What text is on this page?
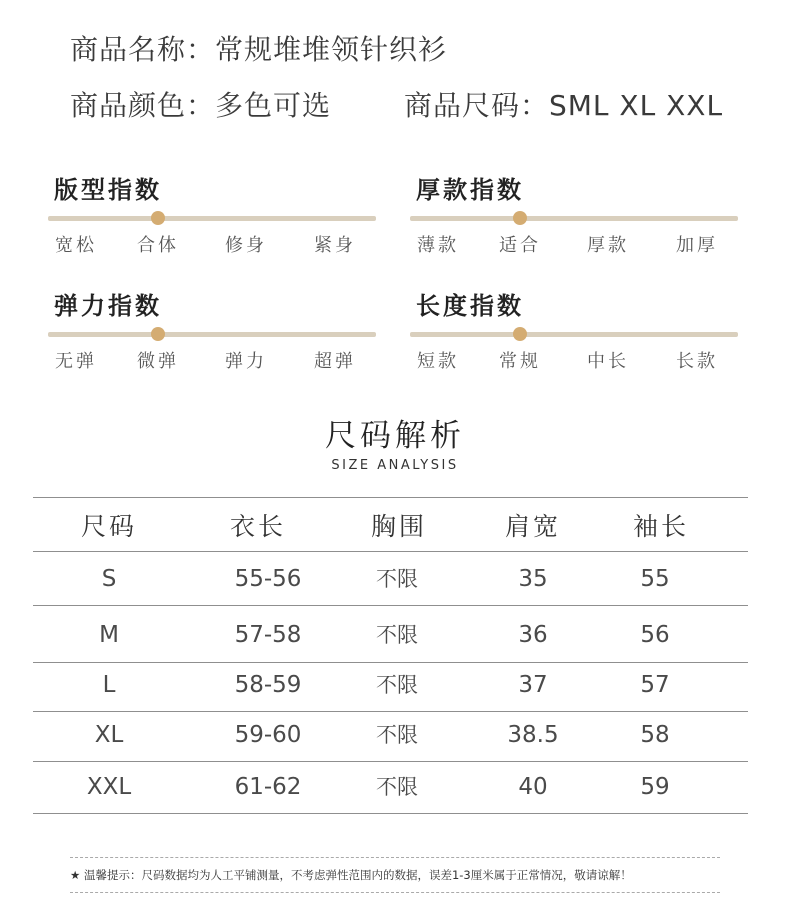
商品名称：常规堆堆领针织衫
商品颜色：多色可选	商品尺码：SML XL XXL
版型指数
宽松	合体	修身	紧身
厚款指数
薄款	适合	厚款	加厚
弹力指数
无弹	微弹	弹力	超弹
长度指数
短款	常规	中长	长款
尺码解析
SIZE ANALYSIS
尺码	衣长	胸围	肩宽	袖长
S	55-56	不限	35	55
M	57-58	不限	36	56
L	58-59	不限	37	57
XL	59-60	不限	38.5	58
XXL	61-62	不限	40	59
★ 温馨提示：尺码数据均为人工平铺测量，不考虑弹性范围内的数据，误差1-3厘米属于正常情况，敬请谅解！
